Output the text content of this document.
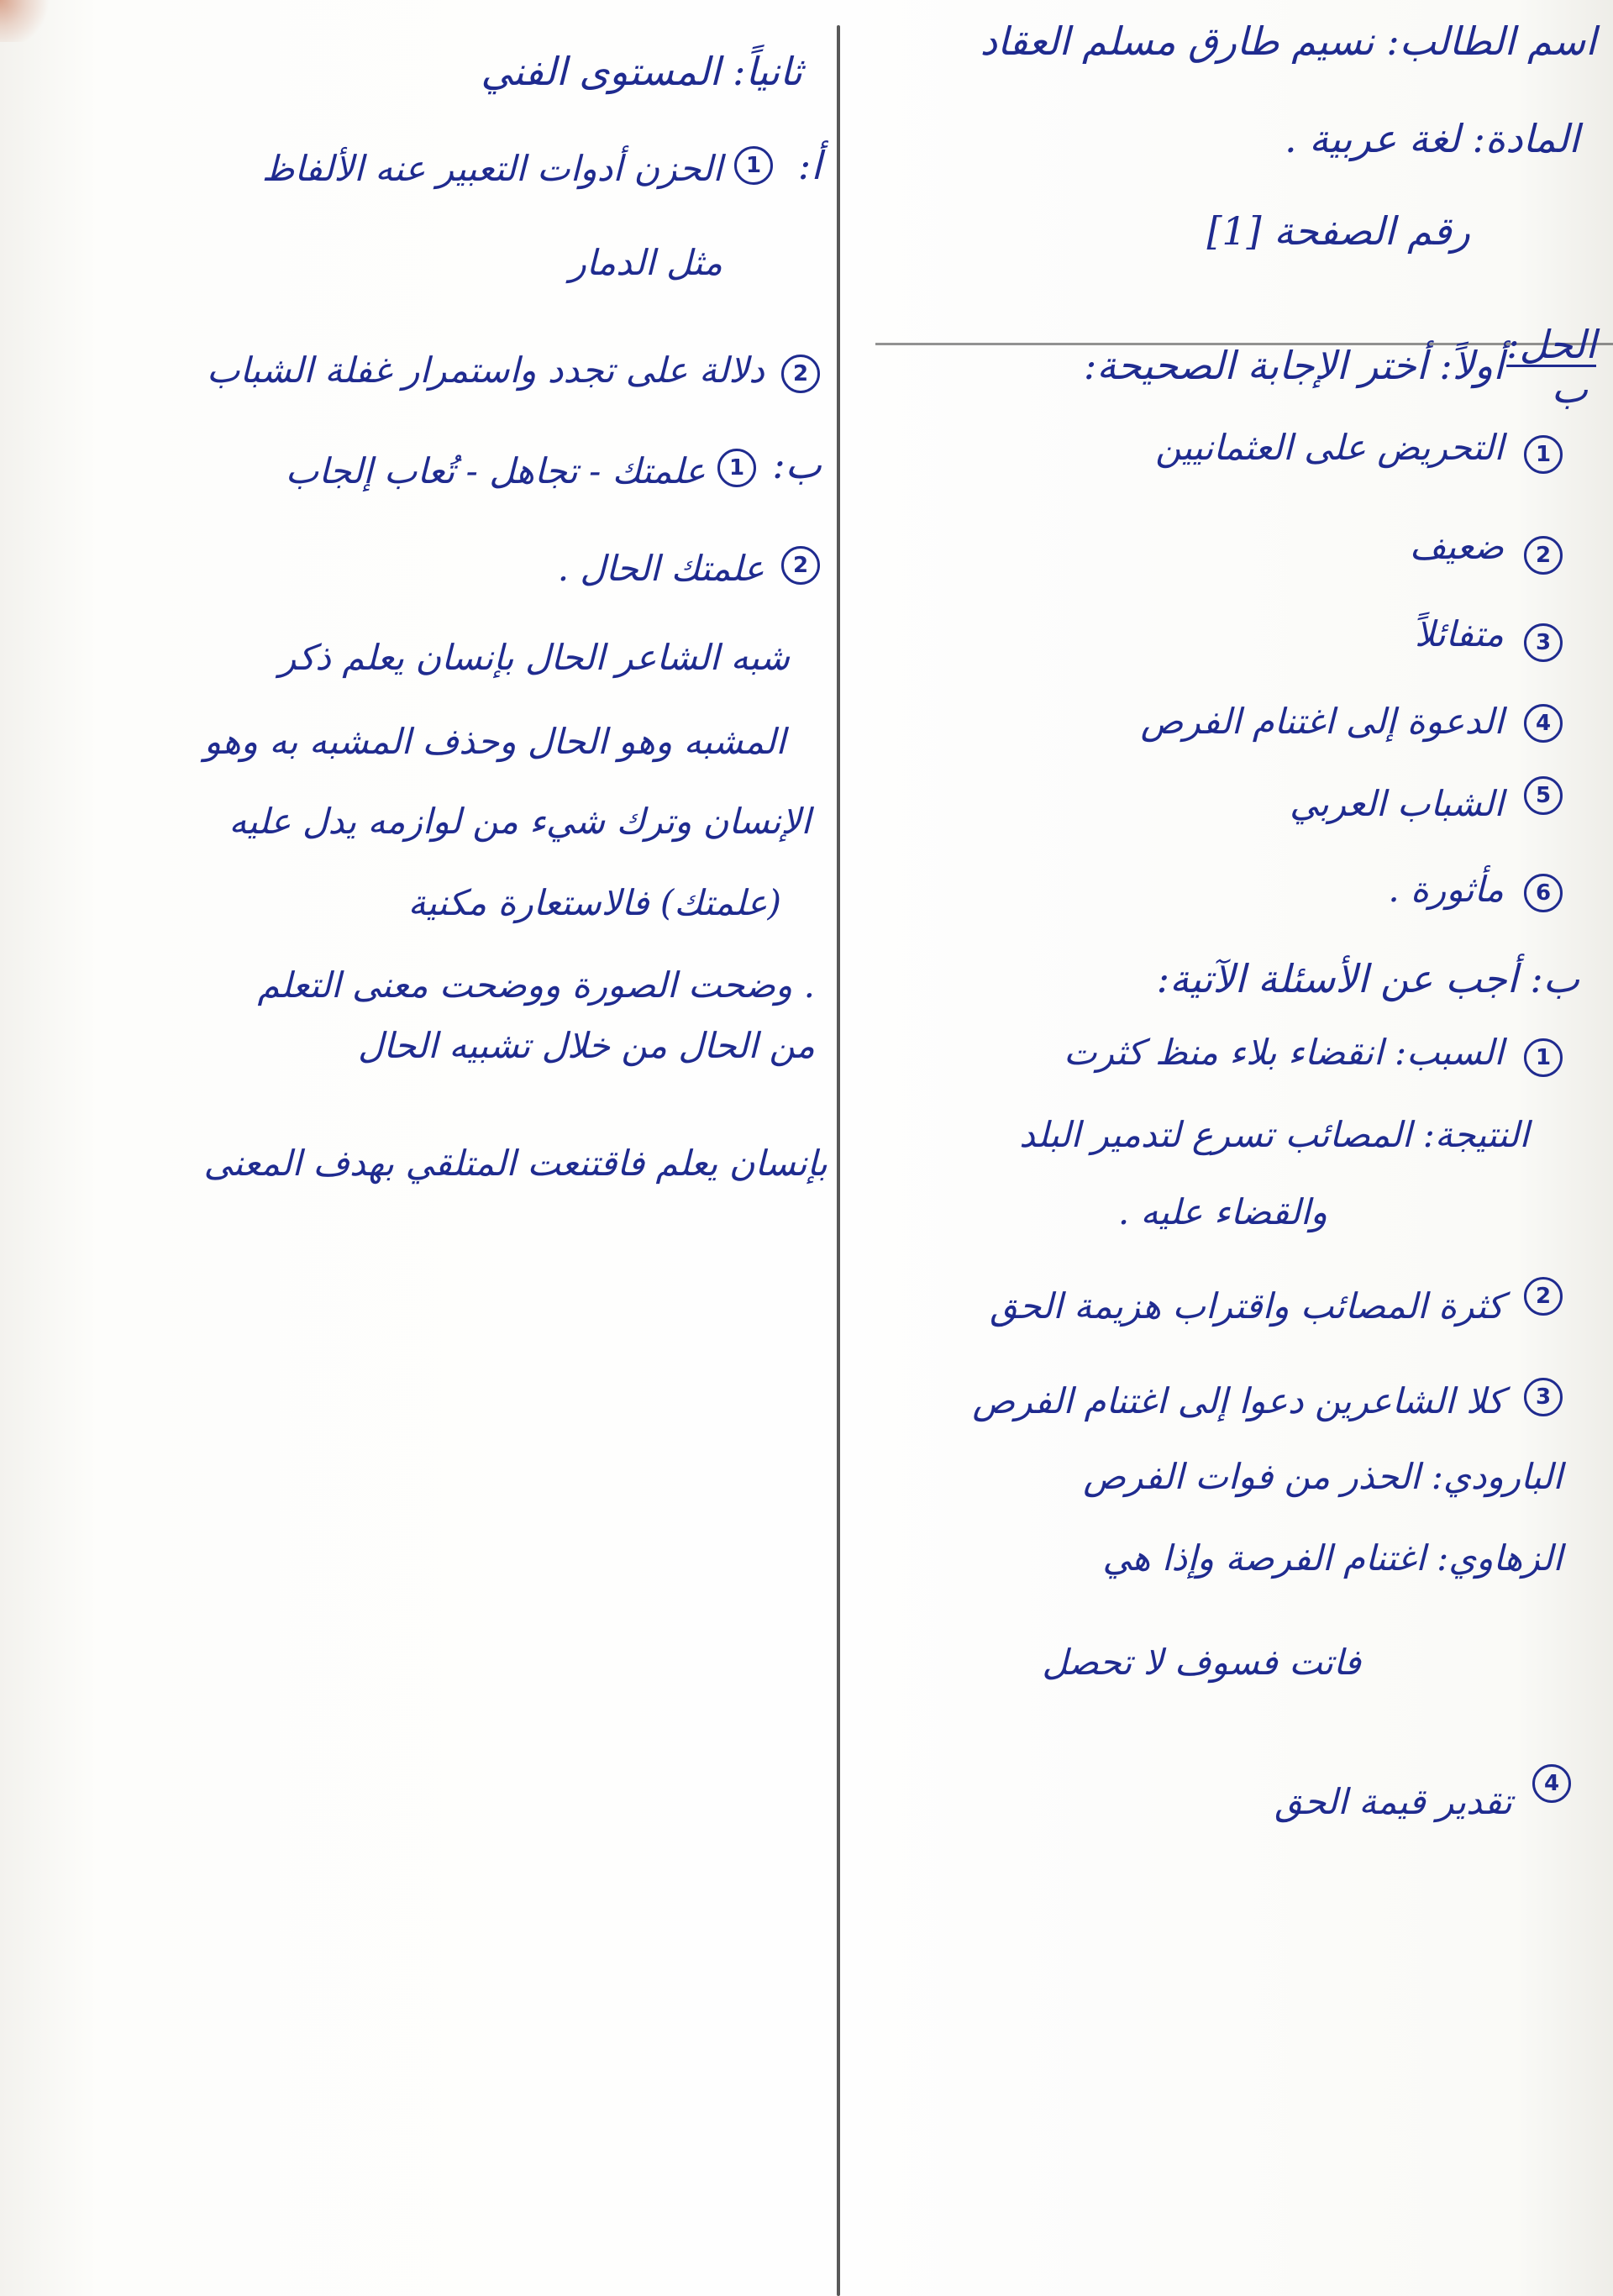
اسم الطالب: نسيم طارق مسلم العقاد
المادة: لغة عربية .
رقم الصفحة [1]
الحل:
ب
أولاً: أختر الإجابة الصحيحة:
1
التحريض على العثمانيين
2
ضعيف
3
متفائلاً
4
الدعوة إلى اغتنام الفرص
5
الشباب العربي
6
مأثورة .
ب: أجب عن الأسئلة الآتية:
1
السبب: انقضاء بلاء منظ كثرت
النتيجة: المصائب تسرع لتدمير البلد
والقضاء عليه .
2
كثرة المصائب واقتراب هزيمة الحق
3
كلا الشاعرين دعوا إلى اغتنام الفرص
البارودي: الحذر من فوات الفرص
الزهاوي: اغتنام الفرصة وإذا هي
فاتت فسوف لا تحصل
4
تقدير قيمة الحق
ثانياً: المستوى الفني
أ:
1
الحزن أدوات التعبير عنه الألفاظ
مثل الدمار
2
دلالة على تجدد واستمرار غفلة الشباب
ب:
1
علمتك - تجاهل - تُعاب إلجاب
2
علمتك الحال .
شبه الشاعر الحال بإنسان يعلم ذكر
المشبه وهو الحال وحذف المشبه به وهو
الإنسان وترك شيء من لوازمه يدل عليه
(علمتك) فالاستعارة مكنية
. وضحت الصورة ووضحت معنى التعلم
من الحال من خلال تشبيه الحال
بإنسان يعلم فاقتنعت المتلقي بهدف المعنى
